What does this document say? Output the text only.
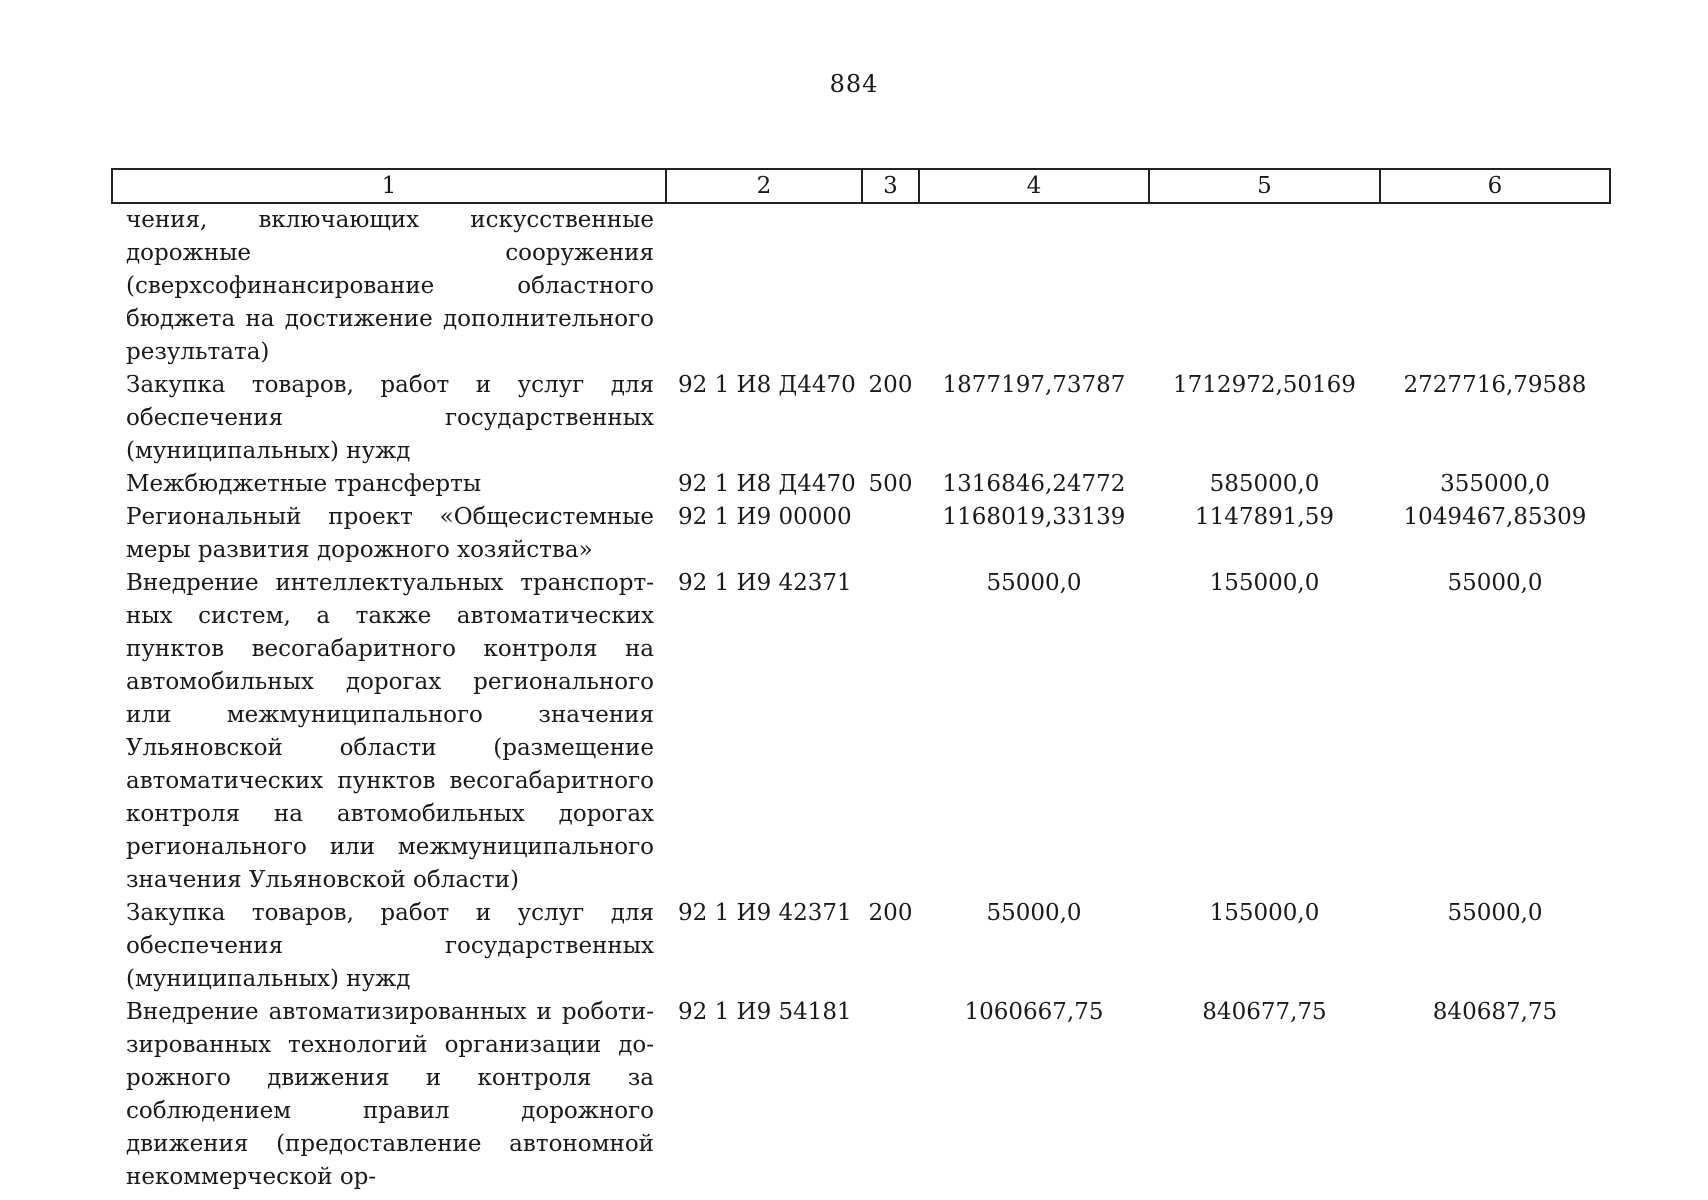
884
1	2	3	4	5	6
чения, включающих искусственные дорожные сооружения (сверхсофинансирование областного бюджета на достижение дополнительного результата)					
Закупка товаров, работ и услуг для обеспечения государственных (муниципальных) нужд	92 1 И8 Д4470	200	1877197,73787	1712972,50169	2727716,79588
Межбюджетные трансферты	92 1 И8 Д4470	500	1316846,24772	585000,0	355000,0
Региональный проект «Общесистемные меры развития дорожного хозяйства»	92 1 И9 00000		1168019,33139	1147891,59	1049467,85309
Внедрение интеллектуальных транспортных систем, а также автоматических пунктов весогабаритного контроля на автомобильных дорогах регионального или межмуниципального значения Ульяновской области (размещение автоматических пунктов весогабаритного контроля на автомобильных дорогах регионального или межмуниципального значения Ульяновской области)	92 1 И9 42371		55000,0	155000,0	55000,0
Закупка товаров, работ и услуг для обеспечения государственных (муниципальных) нужд	92 1 И9 42371	200	55000,0	155000,0	55000,0
Внедрение автоматизированных и роботизированных технологий организации дорожного движения и контроля за соблюдением правил дорожного движения (предоставление автономной некоммерческой ор-	92 1 И9 54181		1060667,75	840677,75	840687,75
